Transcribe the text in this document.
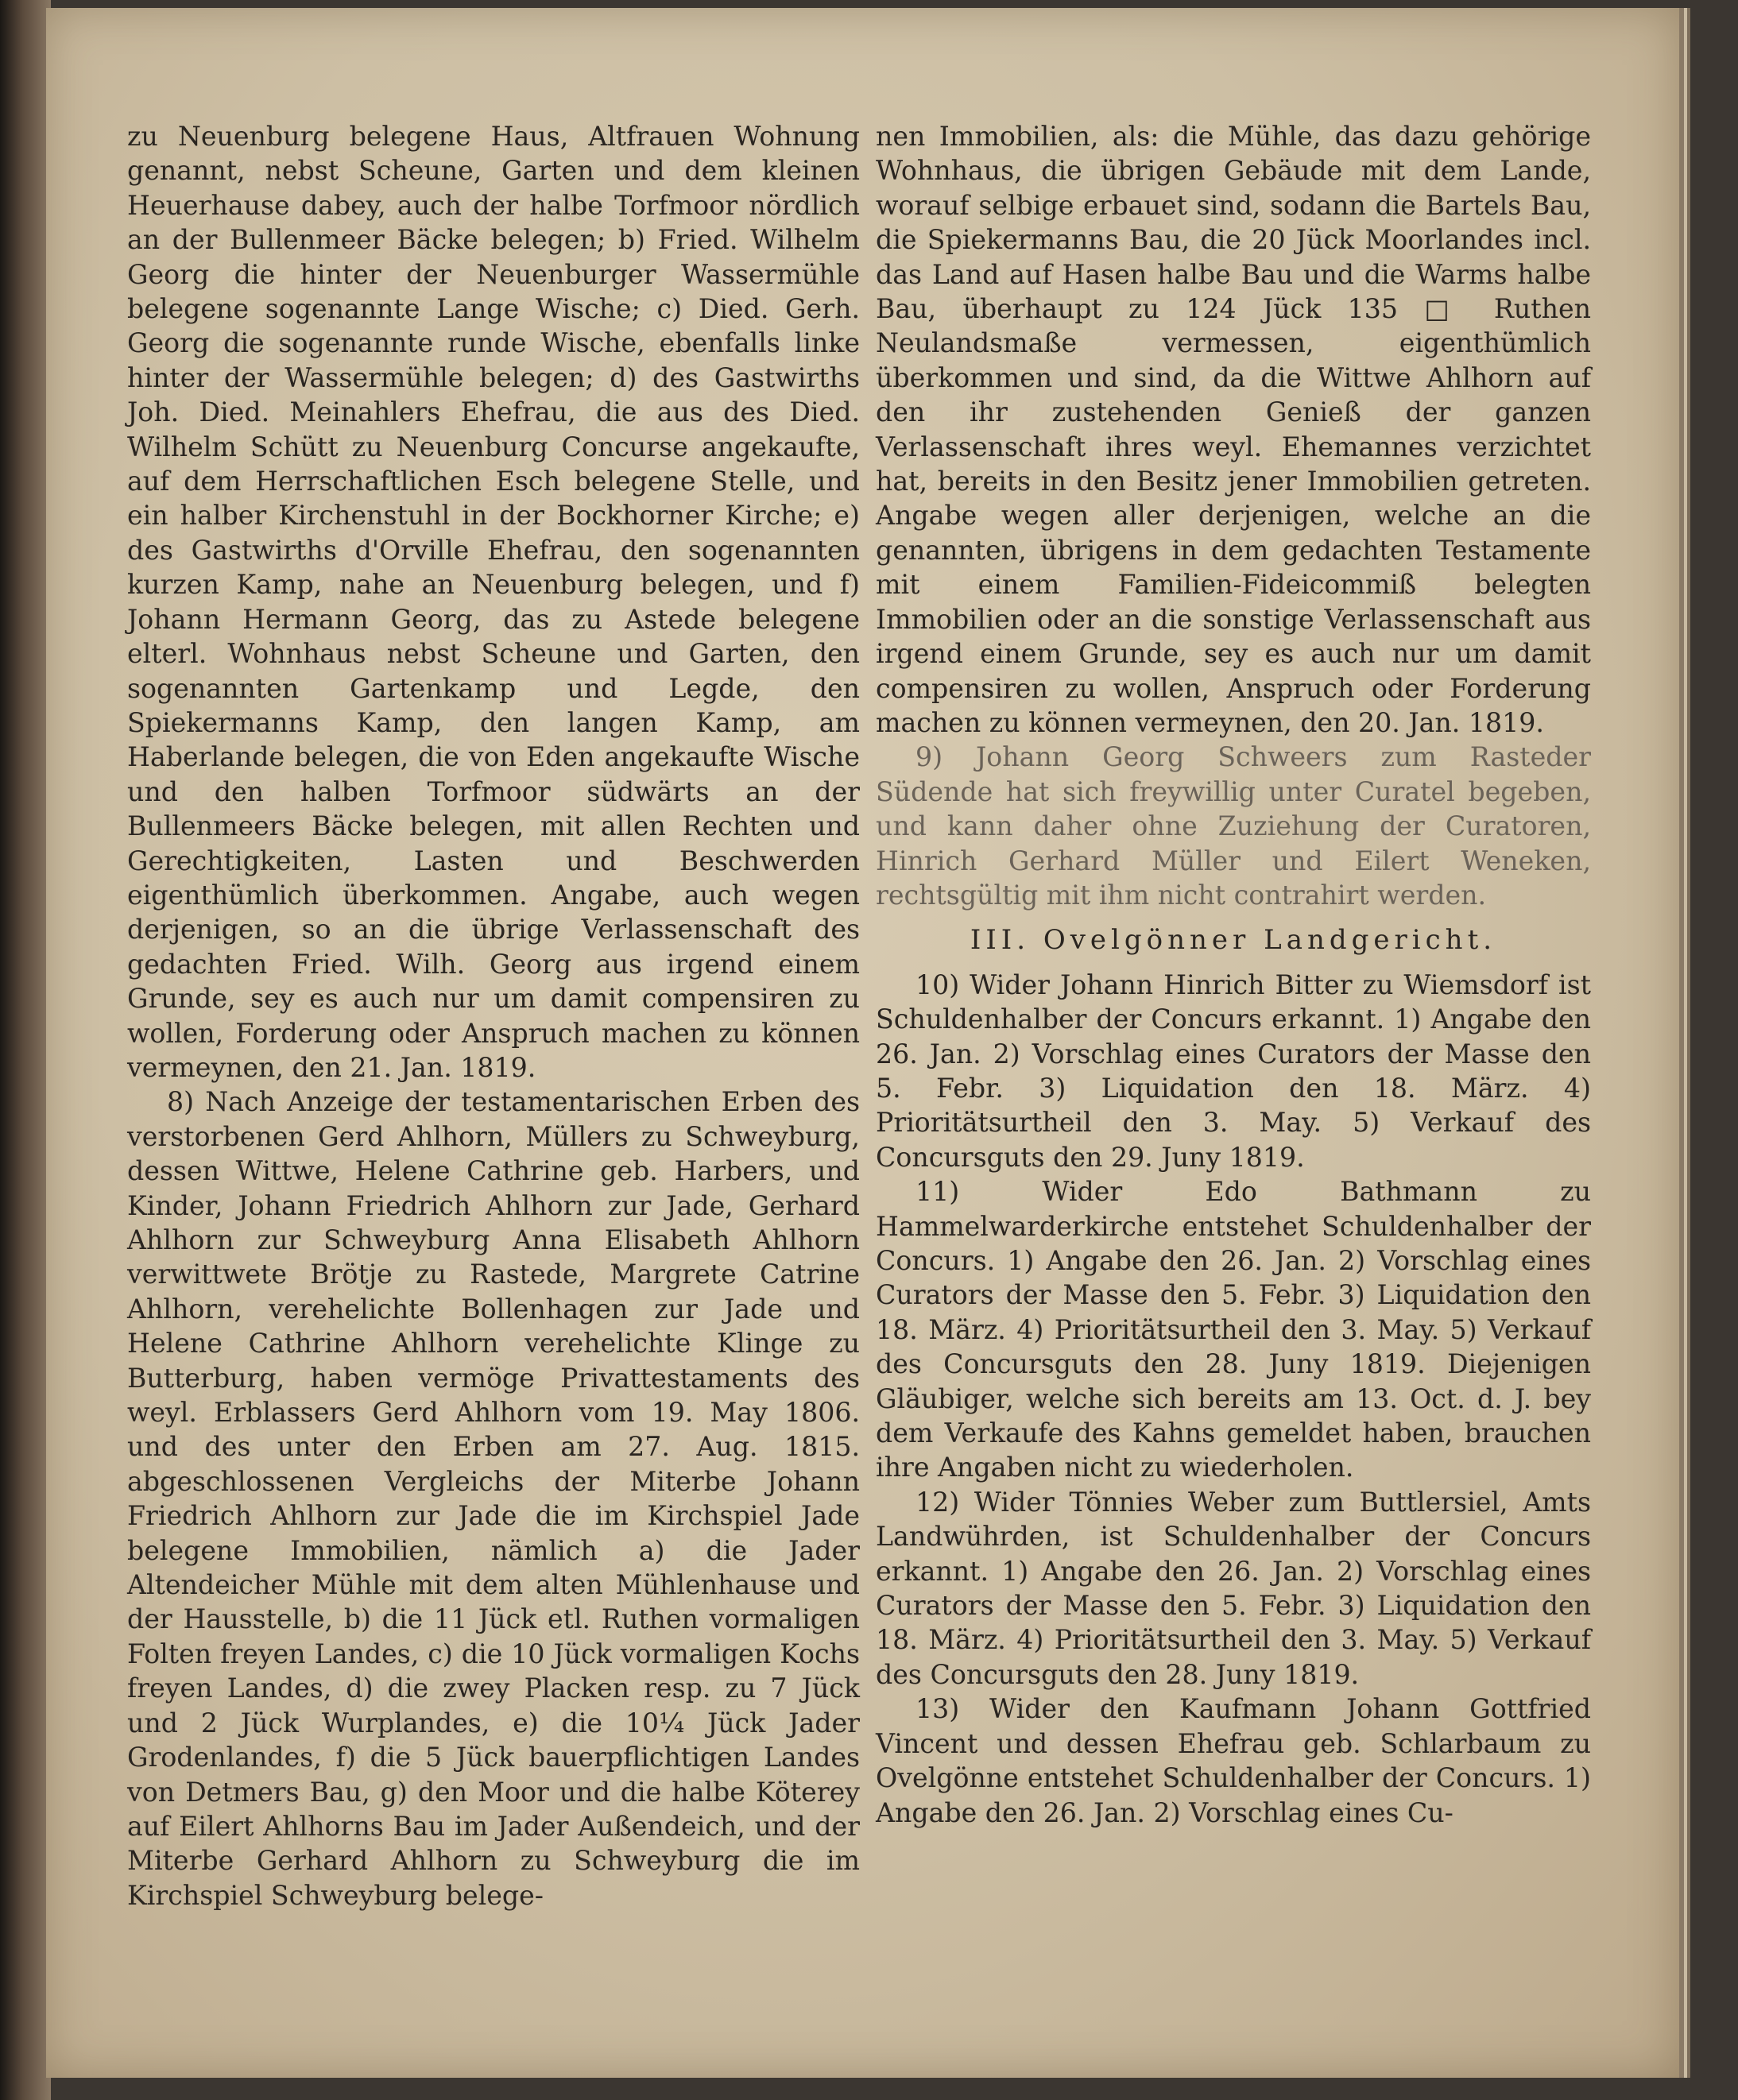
zu Neuenburg belegene Haus, Altfrauen Wohnung genannt, nebst Scheune, Garten und dem kleinen Heuerhause dabey, auch der halbe Torfmoor nördlich an der Bullenmeer Bäcke belegen; b) Fried. Wilhelm Georg die hinter der Neuenburger Wassermühle belegene sogenannte Lange Wische; c) Died. Gerh. Georg die sogenannte runde Wische, ebenfalls linke hinter der Wassermühle belegen; d) des Gastwirths Joh. Died. Meinahlers Ehefrau, die aus des Died. Wilhelm Schütt zu Neuenburg Concurse angekaufte, auf dem Herrschaftlichen Esch belegene Stelle, und ein halber Kirchenstuhl in der Bockhorner Kirche; e) des Gastwirths d'Orville Ehefrau, den sogenannten kurzen Kamp, nahe an Neuenburg belegen, und f) Johann Hermann Georg, das zu Astede belegene elterl. Wohnhaus nebst Scheune und Garten, den sogenannten Gartenkamp und Legde, den Spiekermanns Kamp, den langen Kamp, am Haberlande belegen, die von Eden angekaufte Wische und den halben Torfmoor südwärts an der Bullenmeers Bäcke belegen, mit allen Rechten und Gerechtigkeiten, Lasten und Beschwerden eigenthümlich überkommen. Angabe, auch wegen derjenigen, so an die übrige Verlassenschaft des gedachten Fried. Wilh. Georg aus irgend einem Grunde, sey es auch nur um damit compensiren zu wollen, Forderung oder Anspruch machen zu können vermeynen, den 21. Jan. 1819.

8) Nach Anzeige der testamentarischen Erben des verstorbenen Gerd Ahlhorn, Müllers zu Schweyburg, dessen Wittwe, Helene Cathrine geb. Harbers, und Kinder, Johann Friedrich Ahlhorn zur Jade, Gerhard Ahlhorn zur Schweyburg Anna Elisabeth Ahlhorn verwittwete Brötje zu Rastede, Margrete Catrine Ahlhorn, verehelichte Bollenhagen zur Jade und Helene Cathrine Ahlhorn verehelichte Klinge zu Butterburg, haben vermöge Privattestaments des weyl. Erblassers Gerd Ahlhorn vom 19. May 1806. und des unter den Erben am 27. Aug. 1815. abgeschlossenen Vergleichs der Miterbe Johann Friedrich Ahlhorn zur Jade die im Kirchspiel Jade belegene Immobilien, nämlich a) die Jader Altendeicher Mühle mit dem alten Mühlenhause und der Hausstelle, b) die 11 Jück etl. Ruthen vormaligen Folten freyen Landes, c) die 10 Jück vormaligen Kochs freyen Landes, d) die zwey Placken resp. zu 7 Jück und 2 Jück Wurplandes, e) die 10¼ Jück Jader Grodenlandes, f) die 5 Jück bauerpflichtigen Landes von Detmers Bau, g) den Moor und die halbe Köterey auf Eilert Ahlhorns Bau im Jader Außendeich, und der Miterbe Gerhard Ahlhorn zu Schweyburg die im Kirchspiel Schweyburg belege-

nen Immobilien, als: die Mühle, das dazu gehörige Wohnhaus, die übrigen Gebäude mit dem Lande, worauf selbige erbauet sind, sodann die Bartels Bau, die Spiekermanns Bau, die 20 Jück Moorlandes incl. das Land auf Hasen halbe Bau und die Warms halbe Bau, überhaupt zu 124 Jück 135 □ Ruthen Neulandsmaße vermessen, eigenthümlich überkommen und sind, da die Wittwe Ahlhorn auf den ihr zustehenden Genieß der ganzen Verlassenschaft ihres weyl. Ehemannes verzichtet hat, bereits in den Besitz jener Immobilien getreten. Angabe wegen aller derjenigen, welche an die genannten, übrigens in dem gedachten Testamente mit einem Familien-Fideicommiß belegten Immobilien oder an die sonstige Verlassenschaft aus irgend einem Grunde, sey es auch nur um damit compensiren zu wollen, Anspruch oder Forderung machen zu können vermeynen, den 20. Jan. 1819.

9) Johann Georg Schweers zum Rasteder Südende hat sich freywillig unter Curatel begeben, und kann daher ohne Zuziehung der Curatoren, Hinrich Gerhard Müller und Eilert Weneken, rechtsgültig mit ihm nicht contrahirt werden.

III. Ovelgönner Landgericht.

10) Wider Johann Hinrich Bitter zu Wiemsdorf ist Schuldenhalber der Concurs erkannt. 1) Angabe den 26. Jan. 2) Vorschlag eines Curators der Masse den 5. Febr. 3) Liquidation den 18. März. 4) Prioritätsurtheil den 3. May. 5) Verkauf des Concursguts den 29. Juny 1819.

11) Wider Edo Bathmann zu Hammelwarderkirche entstehet Schuldenhalber der Concurs. 1) Angabe den 26. Jan. 2) Vorschlag eines Curators der Masse den 5. Febr. 3) Liquidation den 18. März. 4) Prioritätsurtheil den 3. May. 5) Verkauf des Concursguts den 28. Juny 1819. Diejenigen Gläubiger, welche sich bereits am 13. Oct. d. J. bey dem Verkaufe des Kahns gemeldet haben, brauchen ihre Angaben nicht zu wiederholen.

12) Wider Tönnies Weber zum Buttlersiel, Amts Landwührden, ist Schuldenhalber der Concurs erkannt. 1) Angabe den 26. Jan. 2) Vorschlag eines Curators der Masse den 5. Febr. 3) Liquidation den 18. März. 4) Prioritätsurtheil den 3. May. 5) Verkauf des Concursguts den 28. Juny 1819.

13) Wider den Kaufmann Johann Gottfried Vincent und dessen Ehefrau geb. Schlarbaum zu Ovelgönne entstehet Schuldenhalber der Concurs. 1) Angabe den 26. Jan. 2) Vorschlag eines Cu-
